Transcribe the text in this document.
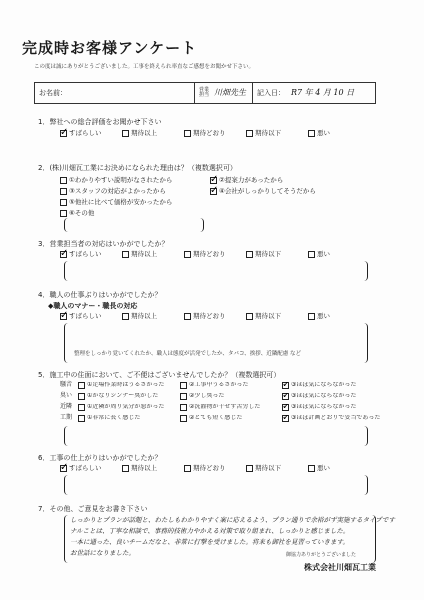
完成時お客様アンケート
この度は誠にありがとうございました。工事を終えられ率直なご感想をお聞かせ下さい。
お名前：	営業担当 川畑先生 記入日： R7 年 4 月 10 日
1．弊社への総合評価をお聞かせ下さい
✓
すばらしい	期待以上	期待どおり	期待以下	悪い
2．(株)川畑瓦工業にお決めになられた理由は？（複数選択可）
①わかりやすい説明がなされたから ✓	②提案力があったから
③スタッフの対応がよかったから ✓	④会社がしっかりしてそうだから
⑤他社に比べて価格が安かったから
⑥その他
3．営業担当者の対応はいかがでしたか？
✓
すばらしい	期待以上	期待どおり	期待以下	悪い
4．職人の仕事ぶりはいかがでしたか？
◆職人のマナー・職長の対応
✓
すばらしい	期待以上	期待どおり	期待以下	悪い
整理をしっかり覚いてくれたか、職人は態度が活発でしたか、タバコ、挨拶、近隣配慮 など
5．施工中の住面において、ご不便はございませんでしたか？（複数選択可）
騒音	①足場作業時はうるさかった	②工事中うるさかった ✓	③ほぼ気にならなかった
臭い	①かなりシンナー臭がした	②少し臭った ✓	③ほぼ気にならなかった
近隣	①近隣が周り気分が悪かった	②洗濯物が干せず苦労した ✓	③ほぼ気にならなかった
工期	①非常に長く感じた	②とても短く感じた ✓	③ほぼ計画どおりで妥当であった
6．工事の仕上がりはいかがでしたか？
✓
すばらしい	期待以上	期待どおり	期待以下	悪い
7．その他、ご意見をお書き下さい
しっかりとプランが話題と、わたしもわかりやすく案に応えるよう、プラン通りで余裕がず実施するタイプです
ナルことは、丁寧な相談で、事務的技術力やかえる対策で取り組まれ、しっかりと感じました。
一本に通った、良いチームだなと、非常に打撃を受けました。将来も御社を見習っていきます。
お世話になりました。	御協力ありがとうございました
株式会社川畑瓦工業
